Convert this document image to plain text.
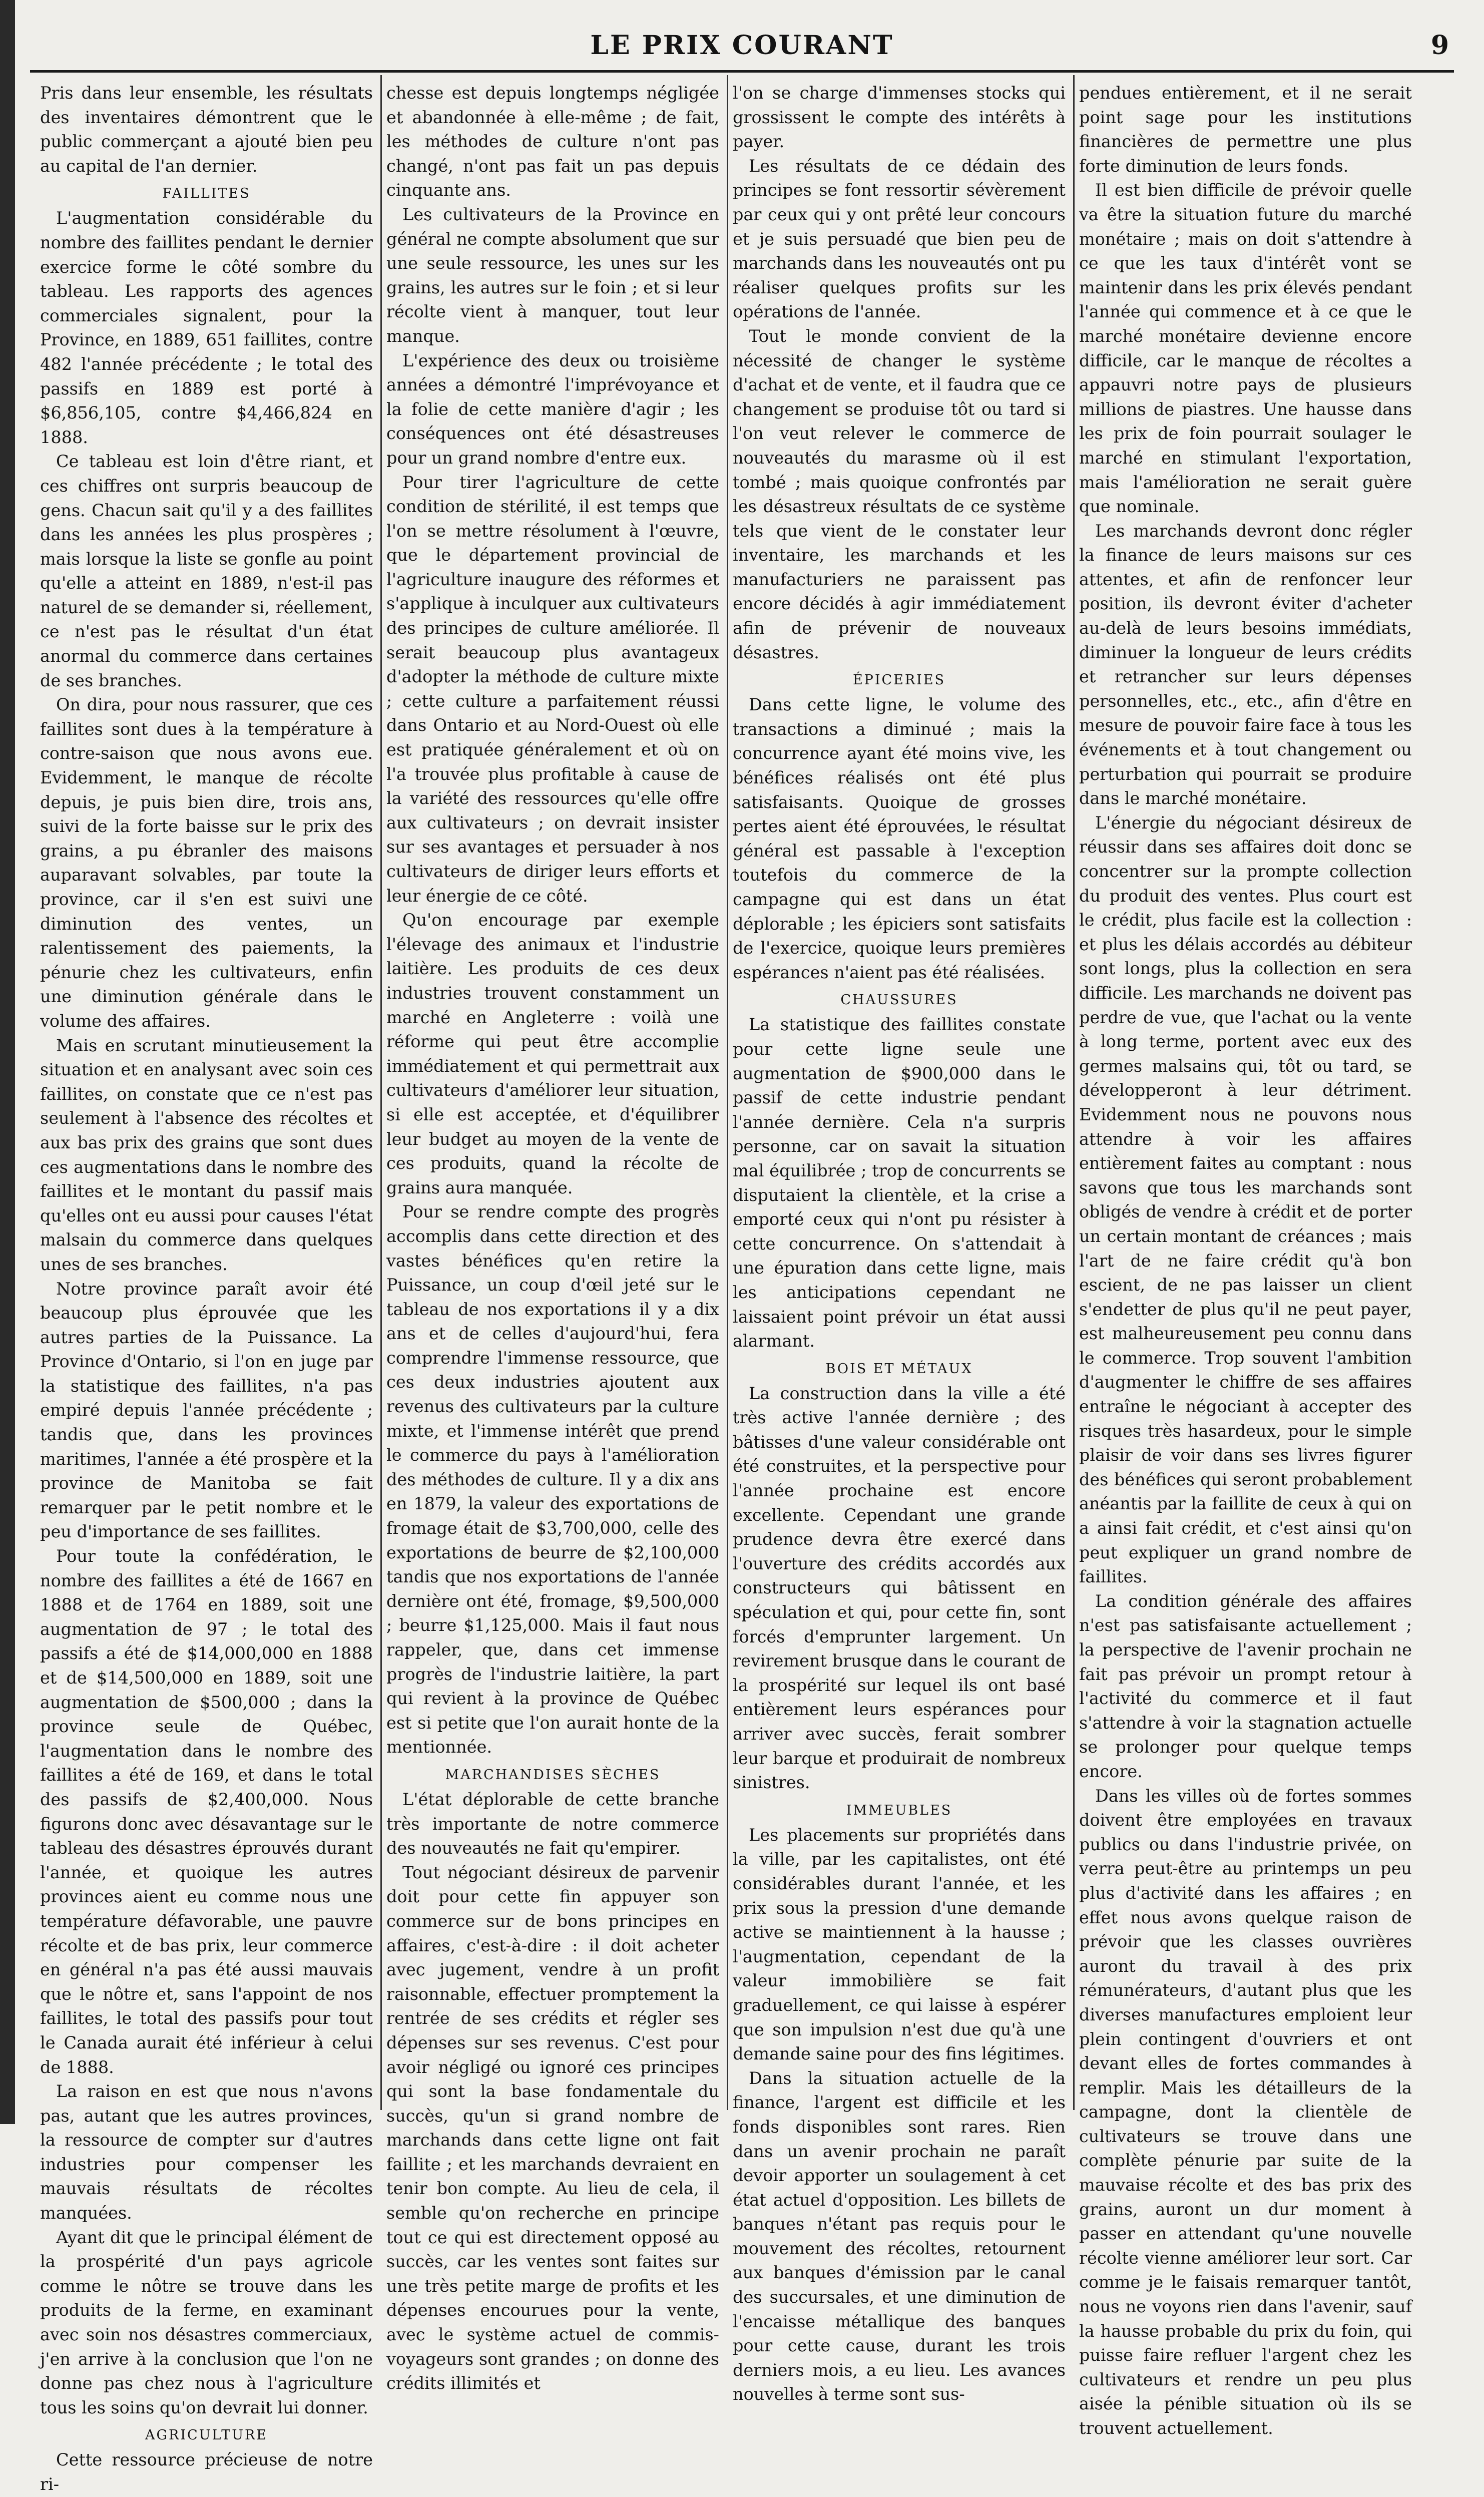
LE PRIX COURANT	9

Pris dans leur ensemble, les résultats des inventaires démontrent que le public commerçant a ajouté bien peu au capital de l'an dernier.

FAILLITES

L'augmentation considérable du nombre des faillites pendant le dernier exercice forme le côté sombre du tableau. Les rapports des agences commerciales signalent, pour la Province, en 1889, 651 faillites, contre 482 l'année précédente ; le total des passifs en 1889 est porté à $6,856,105, contre $4,466,824 en 1888.

Ce tableau est loin d'être riant, et ces chiffres ont surpris beaucoup de gens. Chacun sait qu'il y a des faillites dans les années les plus prospères ; mais lorsque la liste se gonfle au point qu'elle a atteint en 1889, n'est-il pas naturel de se demander si, réellement, ce n'est pas le résultat d'un état anormal du commerce dans certaines de ses branches.

On dira, pour nous rassurer, que ces faillites sont dues à la température à contre-saison que nous avons eue. Evidemment, le manque de récolte depuis, je puis bien dire, trois ans, suivi de la forte baisse sur le prix des grains, a pu ébranler des maisons auparavant solvables, par toute la province, car il s'en est suivi une diminution des ventes, un ralentissement des paiements, la pénurie chez les cultivateurs, enfin une diminution générale dans le volume des affaires.

Mais en scrutant minutieusement la situation et en analysant avec soin ces faillites, on constate que ce n'est pas seulement à l'absence des récoltes et aux bas prix des grains que sont dues ces augmentations dans le nombre des faillites et le montant du passif mais qu'elles ont eu aussi pour causes l'état malsain du commerce dans quelques unes de ses branches.

Notre province paraît avoir été beaucoup plus éprouvée que les autres parties de la Puissance. La Province d'Ontario, si l'on en juge par la statistique des faillites, n'a pas empiré depuis l'année précédente ; tandis que, dans les provinces maritimes, l'année a été prospère et la province de Manitoba se fait remarquer par le petit nombre et le peu d'importance de ses faillites.

Pour toute la confédération, le nombre des faillites a été de 1667 en 1888 et de 1764 en 1889, soit une augmentation de 97 ; le total des passifs a été de $14,000,000 en 1888 et de $14,500,000 en 1889, soit une augmentation de $500,000 ; dans la province seule de Québec, l'augmentation dans le nombre des faillites a été de 169, et dans le total des passifs de $2,400,000. Nous figurons donc avec désavantage sur le tableau des désastres éprouvés durant l'année, et quoique les autres provinces aient eu comme nous une température défavorable, une pauvre récolte et de bas prix, leur commerce en général n'a pas été aussi mauvais que le nôtre et, sans l'appoint de nos faillites, le total des passifs pour tout le Canada aurait été inférieur à celui de 1888.

La raison en est que nous n'avons pas, autant que les autres provinces, la ressource de compter sur d'autres industries pour compenser les mauvais résultats de récoltes manquées.

Ayant dit que le principal élément de la prospérité d'un pays agricole comme le nôtre se trouve dans les produits de la ferme, en examinant avec soin nos désastres commerciaux, j'en arrive à la conclusion que l'on ne donne pas chez nous à l'agriculture tous les soins qu'on devrait lui donner.

AGRICULTURE

Cette ressource précieuse de notre ri-

chesse est depuis longtemps négligée et abandonnée à elle-même ; de fait, les méthodes de culture n'ont pas changé, n'ont pas fait un pas depuis cinquante ans.

Les cultivateurs de la Province en général ne compte absolument que sur une seule ressource, les unes sur les grains, les autres sur le foin ; et si leur récolte vient à manquer, tout leur manque.

L'expérience des deux ou troisième années a démontré l'imprévoyance et la folie de cette manière d'agir ; les conséquences ont été désastreuses pour un grand nombre d'entre eux.

Pour tirer l'agriculture de cette condition de stérilité, il est temps que l'on se mettre résolument à l'œuvre, que le département provincial de l'agriculture inaugure des réformes et s'applique à inculquer aux cultivateurs des principes de culture améliorée. Il serait beaucoup plus avantageux d'adopter la méthode de culture mixte ; cette culture a parfaitement réussi dans Ontario et au Nord-Ouest où elle est pratiquée généralement et où on l'a trouvée plus profitable à cause de la variété des ressources qu'elle offre aux cultivateurs ; on devrait insister sur ses avantages et persuader à nos cultivateurs de diriger leurs efforts et leur énergie de ce côté.

Qu'on encourage par exemple l'élevage des animaux et l'industrie laitière. Les produits de ces deux industries trouvent constamment un marché en Angleterre : voilà une réforme qui peut être accomplie immédiatement et qui permettrait aux cultivateurs d'améliorer leur situation, si elle est acceptée, et d'équilibrer leur budget au moyen de la vente de ces produits, quand la récolte de grains aura manquée.

Pour se rendre compte des progrès accomplis dans cette direction et des vastes bénéfices qu'en retire la Puissance, un coup d'œil jeté sur le tableau de nos exportations il y a dix ans et de celles d'aujourd'hui, fera comprendre l'immense ressource, que ces deux industries ajoutent aux revenus des cultivateurs par la culture mixte, et l'immense intérêt que prend le commerce du pays à l'amélioration des méthodes de culture. Il y a dix ans en 1879, la valeur des exportations de fromage était de $3,700,000, celle des exportations de beurre de $2,100,000 tandis que nos exportations de l'année dernière ont été, fromage, $9,500,000 ; beurre $1,125,000. Mais il faut nous rappeler, que, dans cet immense progrès de l'industrie laitière, la part qui revient à la province de Québec est si petite que l'on aurait honte de la mentionnée.

MARCHANDISES SÈCHES

L'état déplorable de cette branche très importante de notre commerce des nouveautés ne fait qu'empirer.

Tout négociant désireux de parvenir doit pour cette fin appuyer son commerce sur de bons principes en affaires, c'est-à-dire : il doit acheter avec jugement, vendre à un profit raisonnable, effectuer promptement la rentrée de ses crédits et régler ses dépenses sur ses revenus. C'est pour avoir négligé ou ignoré ces principes qui sont la base fondamentale du succès, qu'un si grand nombre de marchands dans cette ligne ont fait faillite ; et les marchands devraient en tenir bon compte. Au lieu de cela, il semble qu'on recherche en principe tout ce qui est directement opposé au succès, car les ventes sont faites sur une très petite marge de profits et les dépenses encourues pour la vente, avec le système actuel de commis-voyageurs sont grandes ; on donne des crédits illimités et

l'on se charge d'immenses stocks qui grossissent le compte des intérêts à payer.

Les résultats de ce dédain des principes se font ressortir sévèrement par ceux qui y ont prêté leur concours et je suis persuadé que bien peu de marchands dans les nouveautés ont pu réaliser quelques profits sur les opérations de l'année.

Tout le monde convient de la nécessité de changer le système d'achat et de vente, et il faudra que ce changement se produise tôt ou tard si l'on veut relever le commerce de nouveautés du marasme où il est tombé ; mais quoique confrontés par les désastreux résultats de ce système tels que vient de le constater leur inventaire, les marchands et les manufacturiers ne paraissent pas encore décidés à agir immédiatement afin de prévenir de nouveaux désastres.

ÉPICERIES

Dans cette ligne, le volume des transactions a diminué ; mais la concurrence ayant été moins vive, les bénéfices réalisés ont été plus satisfaisants. Quoique de grosses pertes aient été éprouvées, le résultat général est passable à l'exception toutefois du commerce de la campagne qui est dans un état déplorable ; les épiciers sont satisfaits de l'exercice, quoique leurs premières espérances n'aient pas été réalisées.

CHAUSSURES

La statistique des faillites constate pour cette ligne seule une augmentation de $900,000 dans le passif de cette industrie pendant l'année dernière. Cela n'a surpris personne, car on savait la situation mal équilibrée ; trop de concurrents se disputaient la clientèle, et la crise a emporté ceux qui n'ont pu résister à cette concurrence. On s'attendait à une épuration dans cette ligne, mais les anticipations cependant ne laissaient point prévoir un état aussi alarmant.

BOIS ET MÉTAUX

La construction dans la ville a été très active l'année dernière ; des bâtisses d'une valeur considérable ont été construites, et la perspective pour l'année prochaine est encore excellente. Cependant une grande prudence devra être exercé dans l'ouverture des crédits accordés aux constructeurs qui bâtissent en spéculation et qui, pour cette fin, sont forcés d'emprunter largement. Un revirement brusque dans le courant de la prospérité sur lequel ils ont basé entièrement leurs espérances pour arriver avec succès, ferait sombrer leur barque et produirait de nombreux sinistres.

IMMEUBLES

Les placements sur propriétés dans la ville, par les capitalistes, ont été considérables durant l'année, et les prix sous la pression d'une demande active se maintiennent à la hausse ; l'augmentation, cependant de la valeur immobilière se fait graduellement, ce qui laisse à espérer que son impulsion n'est due qu'à une demande saine pour des fins légitimes.

Dans la situation actuelle de la finance, l'argent est difficile et les fonds disponibles sont rares. Rien dans un avenir prochain ne paraît devoir apporter un soulagement à cet état actuel d'opposition. Les billets de banques n'étant pas requis pour le mouvement des récoltes, retournent aux banques d'émission par le canal des succursales, et une diminution de l'encaisse métallique des banques pour cette cause, durant les trois derniers mois, a eu lieu. Les avances nouvelles à terme sont sus-

pendues entièrement, et il ne serait point sage pour les institutions financières de permettre une plus forte diminution de leurs fonds.

Il est bien difficile de prévoir quelle va être la situation future du marché monétaire ; mais on doit s'attendre à ce que les taux d'intérêt vont se maintenir dans les prix élevés pendant l'année qui commence et à ce que le marché monétaire devienne encore difficile, car le manque de récoltes a appauvri notre pays de plusieurs millions de piastres. Une hausse dans les prix de foin pourrait soulager le marché en stimulant l'exportation, mais l'amélioration ne serait guère que nominale.

Les marchands devront donc régler la finance de leurs maisons sur ces attentes, et afin de renfoncer leur position, ils devront éviter d'acheter au-delà de leurs besoins immédiats, diminuer la longueur de leurs crédits et retrancher sur leurs dépenses personnelles, etc., etc., afin d'être en mesure de pouvoir faire face à tous les événements et à tout changement ou perturbation qui pourrait se produire dans le marché monétaire.

L'énergie du négociant désireux de réussir dans ses affaires doit donc se concentrer sur la prompte collection du produit des ventes. Plus court est le crédit, plus facile est la collection : et plus les délais accordés au débiteur sont longs, plus la collection en sera difficile. Les marchands ne doivent pas perdre de vue, que l'achat ou la vente à long terme, portent avec eux des germes malsains qui, tôt ou tard, se développeront à leur détriment. Evidemment nous ne pouvons nous attendre à voir les affaires entièrement faites au comptant : nous savons que tous les marchands sont obligés de vendre à crédit et de porter un certain montant de créances ; mais l'art de ne faire crédit qu'à bon escient, de ne pas laisser un client s'endetter de plus qu'il ne peut payer, est malheureusement peu connu dans le commerce. Trop souvent l'ambition d'augmenter le chiffre de ses affaires entraîne le négociant à accepter des risques très hasardeux, pour le simple plaisir de voir dans ses livres figurer des bénéfices qui seront probablement anéantis par la faillite de ceux à qui on a ainsi fait crédit, et c'est ainsi qu'on peut expliquer un grand nombre de faillites.

La condition générale des affaires n'est pas satisfaisante actuellement ; la perspective de l'avenir prochain ne fait pas prévoir un prompt retour à l'activité du commerce et il faut s'attendre à voir la stagnation actuelle se prolonger pour quelque temps encore.

Dans les villes où de fortes sommes doivent être employées en travaux publics ou dans l'industrie privée, on verra peut-être au printemps un peu plus d'activité dans les affaires ; en effet nous avons quelque raison de prévoir que les classes ouvrières auront du travail à des prix rémunérateurs, d'autant plus que les diverses manufactures emploient leur plein contingent d'ouvriers et ont devant elles de fortes commandes à remplir. Mais les détailleurs de la campagne, dont la clientèle de cultivateurs se trouve dans une complète pénurie par suite de la mauvaise récolte et des bas prix des grains, auront un dur moment à passer en attendant qu'une nouvelle récolte vienne améliorer leur sort. Car comme je le faisais remarquer tantôt, nous ne voyons rien dans l'avenir, sauf la hausse probable du prix du foin, qui puisse faire refluer l'argent chez les cultivateurs et rendre un peu plus aisée la pénible situation où ils se trouvent actuellement.
